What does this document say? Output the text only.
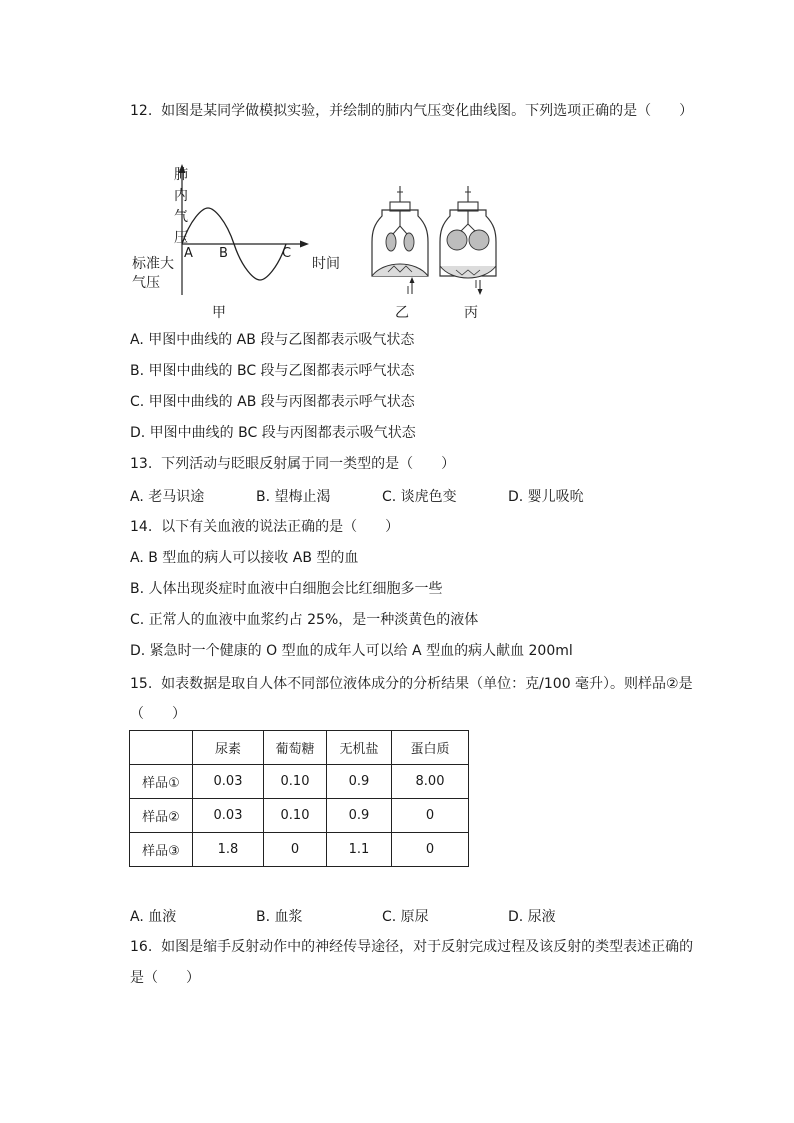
12.  如图是某同学做模拟实验，并绘制的肺内气压变化曲线图。下列选项正确的是（　　）
肺
内
气
压
标准大
气压
A B	C
时间
甲	乙	丙
A. 甲图中曲线的 AB 段与乙图都表示吸气状态
B. 甲图中曲线的 BC 段与乙图都表示呼气状态
C. 甲图中曲线的 AB 段与丙图都表示呼气状态
D. 甲图中曲线的 BC 段与丙图都表示吸气状态
13.  下列活动与眨眼反射属于同一类型的是（　　）
A. 老马识途	B. 望梅止渴	C. 谈虎色变	D. 婴儿吸吮
14.  以下有关血液的说法正确的是（　　）
A. B 型血的病人可以接收 AB 型的血
B. 人体出现炎症时血液中白细胞会比红细胞多一些
C. 正常人的血液中血浆约占 25%，是一种淡黄色的液体
D. 紧急时一个健康的 O 型血的成年人可以给 A 型血的病人献血 200ml
15.  如表数据是取自人体不同部位液体成分的分析结果（单位：克/100 毫升）。则样品②是
（　　）
	尿素	葡萄糖	无机盐	蛋白质
样品①	0.03	0.10	0.9	8.00
样品②	0.03	0.10	0.9	0
样品③	1.8	0	1.1	0
A. 血液	B. 血浆	C. 原尿	D. 尿液
16.  如图是缩手反射动作中的神经传导途径，对于反射完成过程及该反射的类型表述正确的
是（　　）
